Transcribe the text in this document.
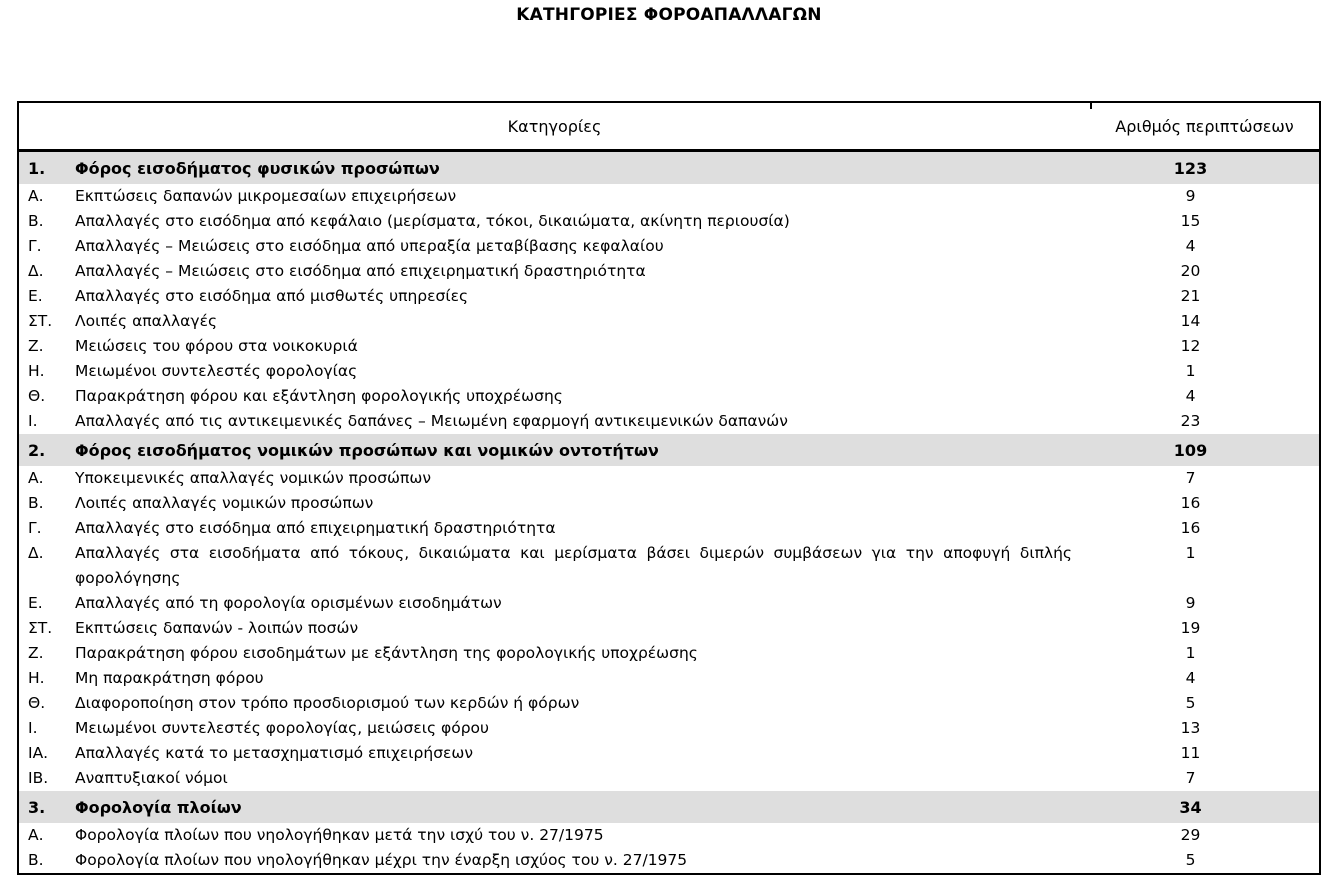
ΚΑΤΗΓΟΡΙΕΣ ΦΟΡΟΑΠΑΛΛΑΓΩΝ
Κατηγορίες		Αριθμός περιπτώσεων
1.	Φόρος εισοδήματος φυσικών προσώπων	123
Α.	Εκπτώσεις δαπανών μικρομεσαίων επιχειρήσεων	9
Β.	Απαλλαγές στο εισόδημα από κεφάλαιο (μερίσματα, τόκοι, δικαιώματα, ακίνητη περιουσία)	15
Γ.	Απαλλαγές – Μειώσεις στο εισόδημα από υπεραξία μεταβίβασης κεφαλαίου	4
Δ.	Απαλλαγές – Μειώσεις στο εισόδημα από επιχειρηματική δραστηριότητα	20
Ε.	Απαλλαγές στο εισόδημα από μισθωτές υπηρεσίες	21
ΣΤ.	Λοιπές απαλλαγές	14
Ζ.	Μειώσεις του φόρου στα νοικοκυριά	12
Η.	Μειωμένοι συντελεστές φορολογίας	1
Θ.	Παρακράτηση φόρου και εξάντληση φορολογικής υποχρέωσης	4
Ι.	Απαλλαγές από τις αντικειμενικές δαπάνες – Μειωμένη εφαρμογή αντικειμενικών δαπανών	23
2.	Φόρος εισοδήματος νομικών προσώπων και νομικών οντοτήτων	109
Α.	Υποκειμενικές απαλλαγές νομικών προσώπων	7
Β.	Λοιπές απαλλαγές νομικών προσώπων	16
Γ.	Απαλλαγές στο εισόδημα από επιχειρηματική δραστηριότητα	16
Δ.	Απαλλαγές στα εισοδήματα από τόκους, δικαιώματα και μερίσματα βάσει διμερών συμβάσεων για την αποφυγή διπλής φορολόγησης	1
Ε.	Απαλλαγές από τη φορολογία ορισμένων εισοδημάτων	9
ΣΤ.	Εκπτώσεις δαπανών - λοιπών ποσών	19
Ζ.	Παρακράτηση φόρου εισοδημάτων με εξάντληση της φορολογικής υποχρέωσης	1
Η.	Μη παρακράτηση φόρου	4
Θ.	Διαφοροποίηση στον τρόπο προσδιορισμού των κερδών ή φόρων	5
Ι.	Μειωμένοι συντελεστές φορολογίας, μειώσεις φόρου	13
ΙΑ.	Απαλλαγές κατά το μετασχηματισμό επιχειρήσεων	11
ΙΒ.	Αναπτυξιακοί νόμοι	7
3.	Φορολογία πλοίων	34
Α.	Φορολογία πλοίων που νηολογήθηκαν μετά την ισχύ του ν. 27/1975	29
Β.	Φορολογία πλοίων που νηολογήθηκαν μέχρι την έναρξη ισχύος του ν. 27/1975	5
